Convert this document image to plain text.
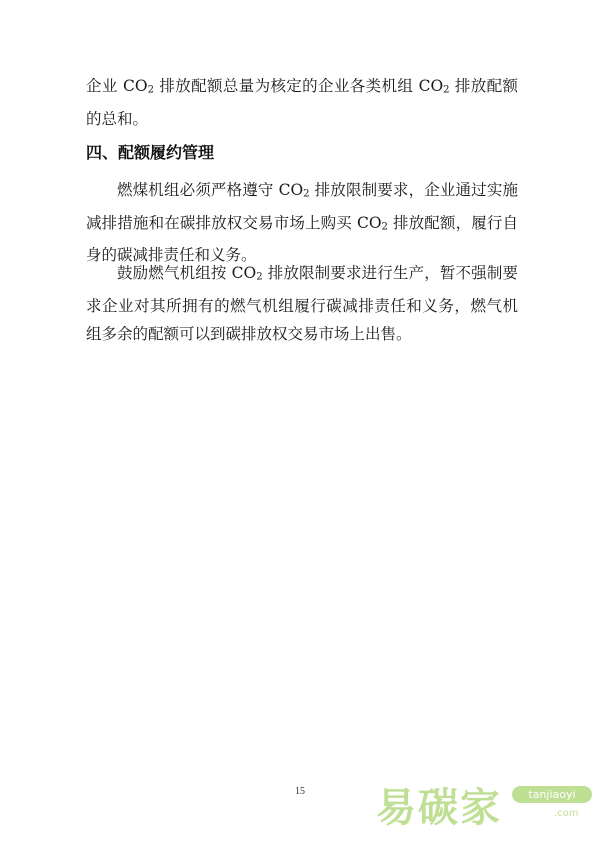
企业 $CO_2$ 排放配额总量为核定的企业各类机组 $CO_2$ 排放配额的总和。

四、配额履约管理

燃煤机组必须严格遵守 $CO_2$ 排放限制要求，企业通过实施减排措施和在碳排放权交易市场上购买 $CO_2$ 排放配额，履行自身的碳减排责任和义务。

鼓励燃气机组按 $CO_2$ 排放限制要求进行生产，暂不强制要求企业对其所拥有的燃气机组履行碳减排责任和义务，燃气机组多余的配额可以到碳排放权交易市场上出售。

15	易碳家	tanjiaoyi
.com
